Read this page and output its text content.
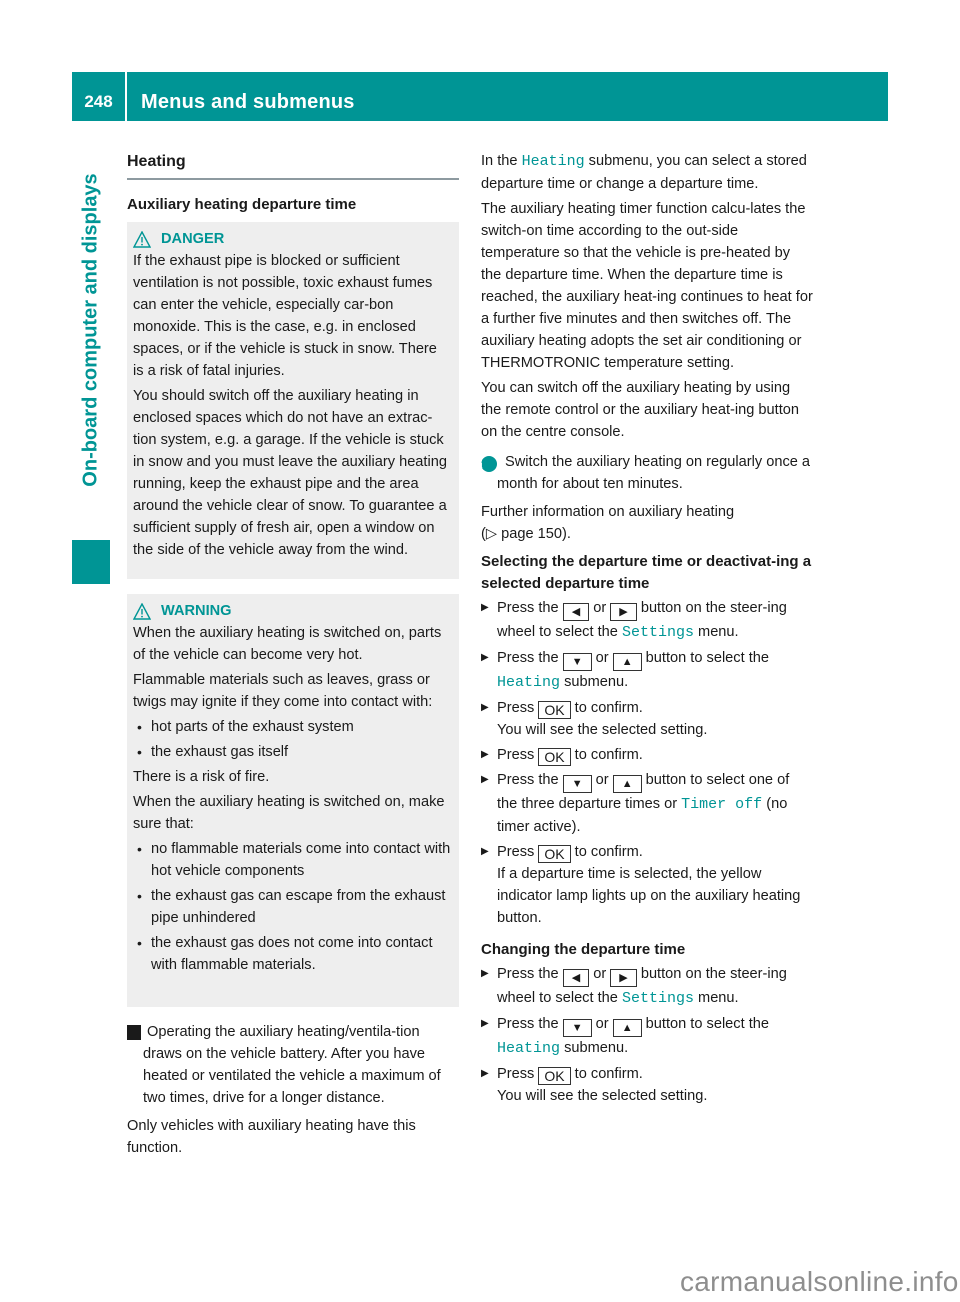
248	Menus and submenus
On-board computer and displays
Heating
Auxiliary heating departure time
DANGER

If the exhaust pipe is blocked or sufficient ventilation is not possible, toxic exhaust fumes can enter the vehicle, especially car-bon monoxide. This is the case, e.g. in enclosed spaces, or if the vehicle is stuck in snow. There is a risk of fatal injuries.

You should switch off the auxiliary heating in enclosed spaces which do not have an extrac-tion system, e.g. a garage. If the vehicle is stuck in snow and you must leave the auxiliary heating running, keep the exhaust pipe and the area around the vehicle clear of snow. To guarantee a sufficient supply of fresh air, open a window on the side of the vehicle away from the wind.

WARNING

When the auxiliary heating is switched on, parts of the vehicle can become very hot.

Flammable materials such as leaves, grass or twigs may ignite if they come into contact with:

• hot parts of the exhaust system
• the exhaust gas itself

There is a risk of fire.

When the auxiliary heating is switched on, make sure that:

• no flammable materials come into contact with hot vehicle components
• the exhaust gas can escape from the exhaust pipe unhindered
• the exhaust gas does not come into contact with flammable materials.

! Operating the auxiliary heating/ventila-tion draws on the vehicle battery. After you have heated or ventilated the vehicle a maximum of two times, drive for a longer distance.

Only vehicles with auxiliary heating have this function.

In the Heating submenu, you can select a stored departure time or change a departure time.

The auxiliary heating timer function calcu-lates the switch-on time according to the out-side temperature so that the vehicle is pre-heated by the departure time. When the departure time is reached, the auxiliary heat-ing continues to heat for a further five minutes and then switches off. The auxiliary heating adopts the set air conditioning or THERMOTRONIC temperature setting.

You can switch off the auxiliary heating by using the remote control or the auxiliary heat-ing button on the centre console.

i Switch the auxiliary heating on regularly once a month for about ten minutes.

Further information on auxiliary heating

(▷ page 150).

Selecting the departure time or deactivat-ing a selected departure time
▶ Press the ◀ or ▶ button on the steer-ing wheel to select the Settings menu.
▶ Press the ▼ or ▲ button to select the Heating submenu.
▶ Press OK to confirm.
You will see the selected setting.
▶ Press OK to confirm.
▶ Press the ▼ or ▲ button to select one of the three departure times or Timer off (no timer active).
▶ Press OK to confirm.
If a departure time is selected, the yellow indicator lamp lights up on the auxiliary heating button.
Changing the departure time
▶ Press the ◀ or ▶ button on the steer-ing wheel to select the Settings menu.
▶ Press the ▼ or ▲ button to select the Heating submenu.
▶ Press OK to confirm.
You will see the selected setting.
carmanualsonline.info
